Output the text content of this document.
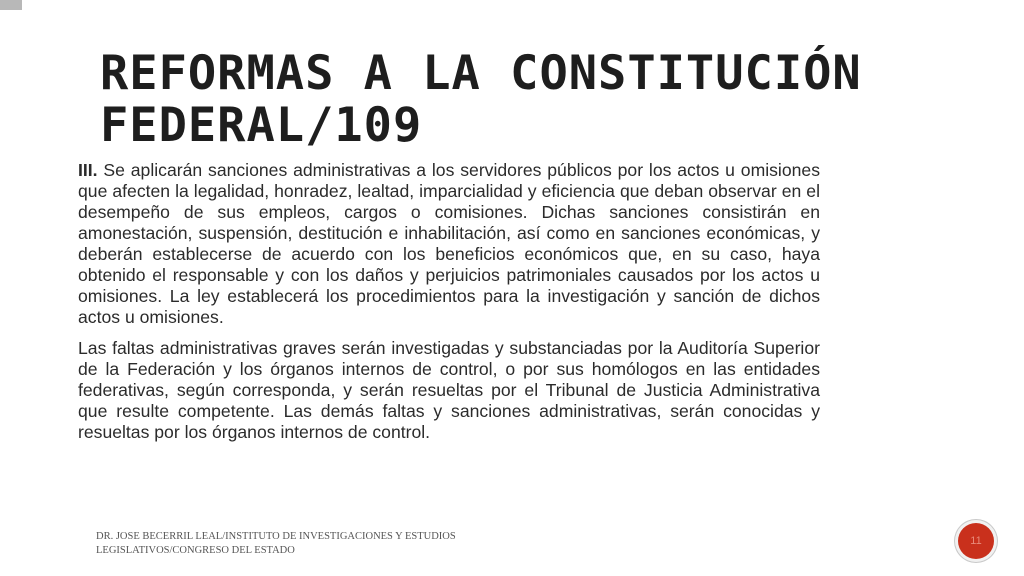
REFORMAS A LA CONSTITUCIÓN
FEDERAL/109

III. Se aplicarán sanciones administrativas a los servidores públicos por los actos u omisiones que afecten la legalidad, honradez, lealtad, imparcialidad y eficiencia que deban observar en el desempeño de sus empleos, cargos o comisiones. Dichas sanciones consistirán en amonestación, suspensión, destitución e inhabilitación, así como en sanciones económicas, y deberán establecerse de acuerdo con los beneficios económicos que, en su caso, haya obtenido el responsable y con los daños y perjuicios patrimoniales causados por los actos u omisiones. La ley establecerá los procedimientos para la investigación y sanción de dichos actos u omisiones.

Las faltas administrativas graves serán investigadas y substanciadas por la Auditoría Superior de la Federación y los órganos internos de control, o por sus homólogos en las entidades federativas, según corresponda, y serán resueltas por el Tribunal de Justicia Administrativa que resulte competente. Las demás faltas y sanciones administrativas, serán conocidas y resueltas por los órganos internos de control.

DR. JOSE BECERRIL LEAL/INSTITUTO DE INVESTIGACIONES Y ESTUDIOS LEGISLATIVOS/CONGRESO DEL ESTADO
11
